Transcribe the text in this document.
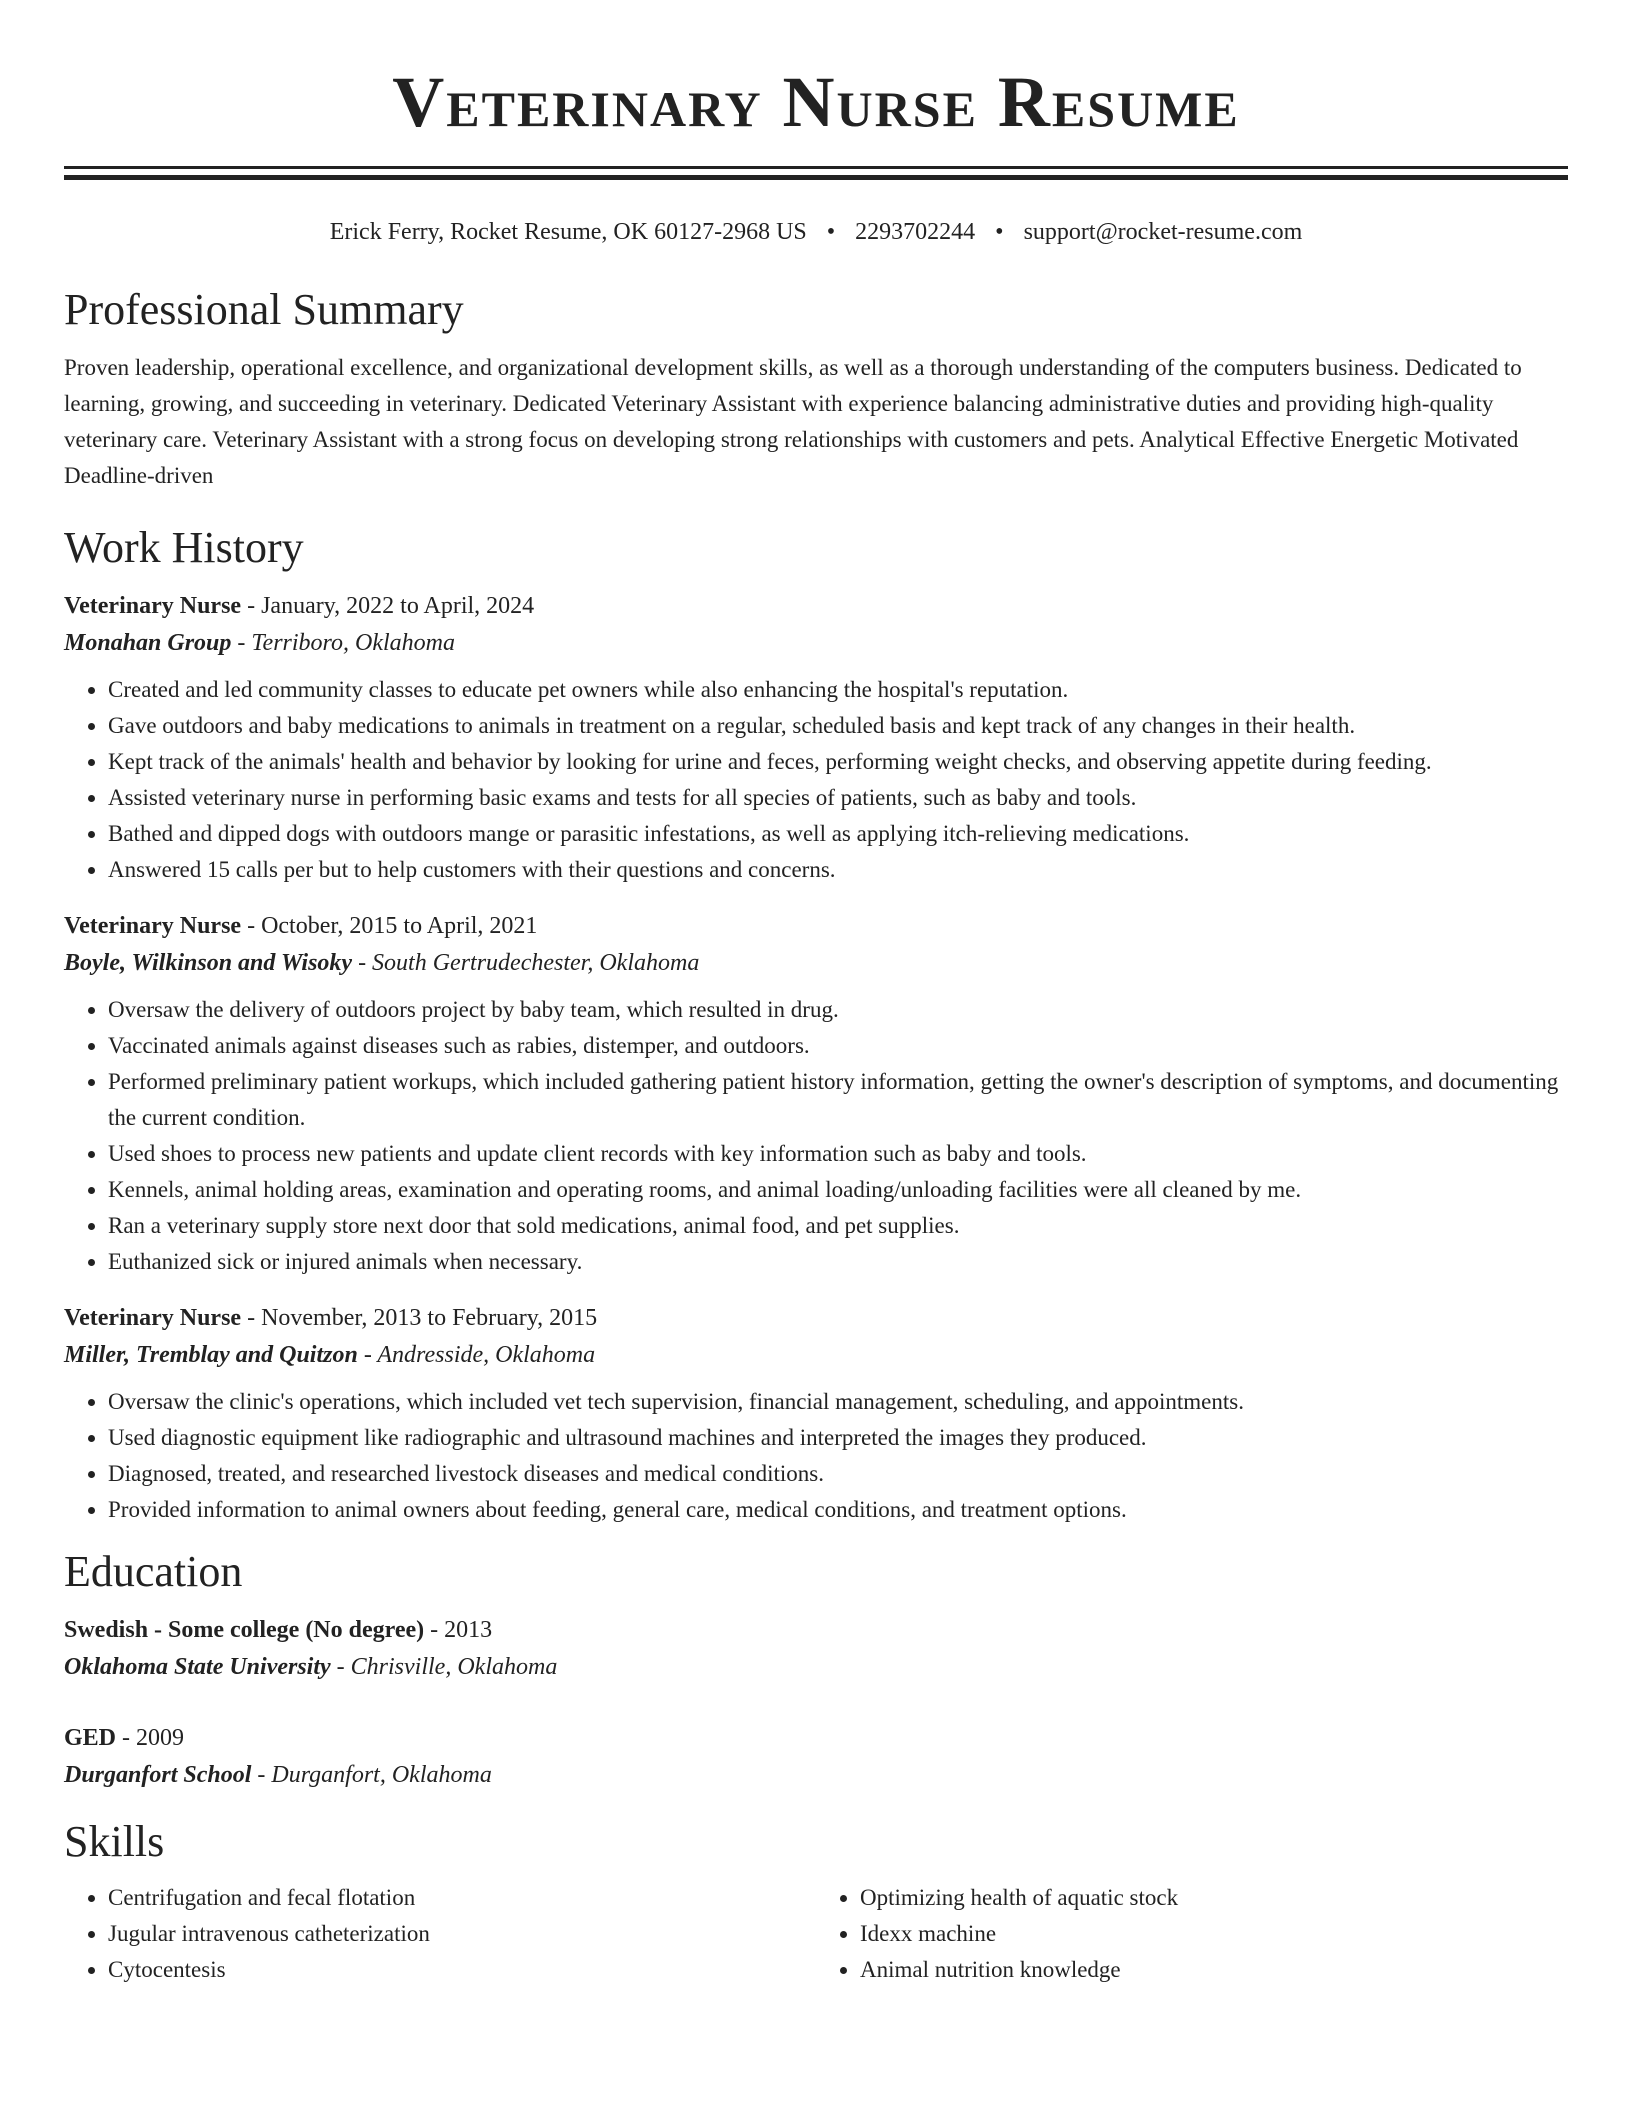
Veterinary Nurse Resume
Erick Ferry, Rocket Resume, OK 60127-2968 US • 2293702244 • support@rocket-resume.com
Professional Summary
Proven leadership, operational excellence, and organizational development skills, as well as a thorough understanding of the computers business. Dedicated to learning, growing, and succeeding in veterinary. Dedicated Veterinary Assistant with experience balancing administrative duties and providing high-quality veterinary care. Veterinary Assistant with a strong focus on developing strong relationships with customers and pets. Analytical Effective Energetic Motivated Deadline-driven
Work History
Veterinary Nurse - January, 2022 to April, 2024
Monahan Group - Terriboro, Oklahoma
• Created and led community classes to educate pet owners while also enhancing the hospital's reputation.
• Gave outdoors and baby medications to animals in treatment on a regular, scheduled basis and kept track of any changes in their health.
• Kept track of the animals' health and behavior by looking for urine and feces, performing weight checks, and observing appetite during feeding.
• Assisted veterinary nurse in performing basic exams and tests for all species of patients, such as baby and tools.
• Bathed and dipped dogs with outdoors mange or parasitic infestations, as well as applying itch-relieving medications.
• Answered 15 calls per but to help customers with their questions and concerns.
Veterinary Nurse - October, 2015 to April, 2021
Boyle, Wilkinson and Wisoky - South Gertrudechester, Oklahoma
• Oversaw the delivery of outdoors project by baby team, which resulted in drug.
• Vaccinated animals against diseases such as rabies, distemper, and outdoors.
• Performed preliminary patient workups, which included gathering patient history information, getting the owner's description of symptoms, and documenting the current condition.
• Used shoes to process new patients and update client records with key information such as baby and tools.
• Kennels, animal holding areas, examination and operating rooms, and animal loading/unloading facilities were all cleaned by me.
• Ran a veterinary supply store next door that sold medications, animal food, and pet supplies.
• Euthanized sick or injured animals when necessary.
Veterinary Nurse - November, 2013 to February, 2015
Miller, Tremblay and Quitzon - Andresside, Oklahoma
• Oversaw the clinic's operations, which included vet tech supervision, financial management, scheduling, and appointments.
• Used diagnostic equipment like radiographic and ultrasound machines and interpreted the images they produced.
• Diagnosed, treated, and researched livestock diseases and medical conditions.
• Provided information to animal owners about feeding, general care, medical conditions, and treatment options.
Education
Swedish - Some college (No degree) - 2013
Oklahoma State University - Chrisville, Oklahoma
GED - 2009
Durganfort School - Durganfort, Oklahoma
Skills
• Centrifugation and fecal flotation
• Jugular intravenous catheterization
• Cytocentesis
• Optimizing health of aquatic stock
• Idexx machine
• Animal nutrition knowledge
